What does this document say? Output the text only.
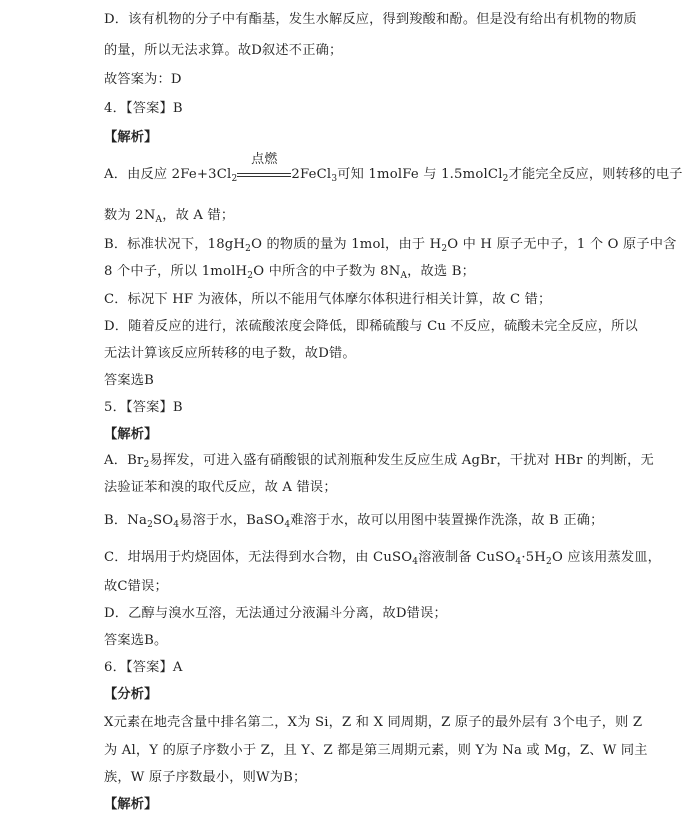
D．该有机物的分子中有酯基，发生水解反应，得到羧酸和酚。但是没有给出有机物的物质
的量，所以无法求算。故D叙述不正确；
故答案为：D
4．【答案】B
【解析】
A．由反应 $2Fe+3Cl_2$
点燃
2FeCl$_3$可知 1molFe 与 1.5molCl$_2$才能完全反应，则转移的电子
数为 $2N_A$，故 A 错；
B．标准状况下，$18gH_2O$ 的物质的量为 1mol，由于 $H_2O$ 中 H 原子无中子，1 个 O 原子中含
8 个中子，所以 1molH$_2$O 中所含的中子数为 $8N_A$，故选 B；
C．标况下 HF 为液体，所以不能用气体摩尔体积进行相关计算，故 C 错；
D．随着反应的进行，浓硫酸浓度会降低，即稀硫酸与 Cu 不反应，硫酸未完全反应，所以
无法计算该反应所转移的电子数，故D错。
答案选B
5．【答案】B
【解析】
A．$Br_2$易挥发，可进入盛有硝酸银的试剂瓶种发生反应生成 AgBr，干扰对 HBr 的判断，无
法验证苯和溴的取代反应，故 A 错误；
B．$Na_2SO_4$易溶于水，BaSO$_4$难溶于水，故可以用图中装置操作洗涤，故 B 正确；
C．坩埚用于灼烧固体，无法得到水合物，由 CuSO$_4$溶液制备 $CuSO_4\cdot 5H_2O$ 应该用蒸发皿，
故C错误；
D．乙醇与溴水互溶，无法通过分液漏斗分离，故D错误；
答案选B。
6．【答案】A
【分析】
X元素在地壳含量中排名第二，X为 Si，Z 和 X 同周期，Z 原子的最外层有 3个电子，则 Z
为 Al，Y 的原子序数小于 Z，且 Y、Z 都是第三周期元素，则 Y为 Na 或 Mg，Z、W 同主
族，W 原子序数最小，则W为B；
【解析】
